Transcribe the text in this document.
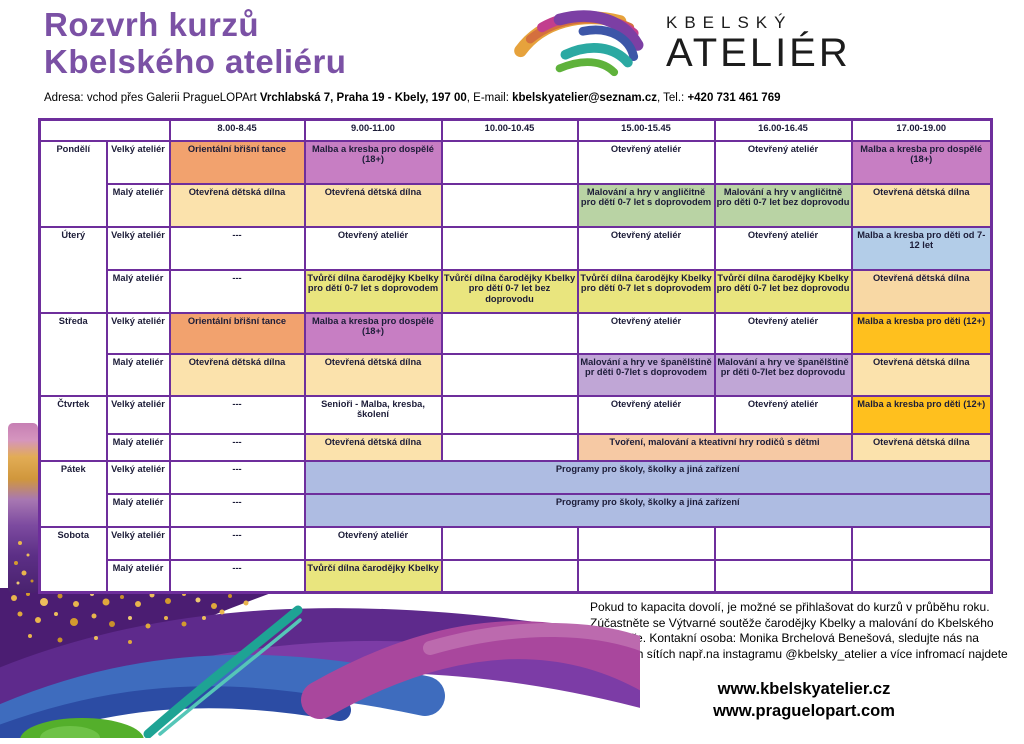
Rozvrh kurzů
Kbelského ateliéru
KBELSKÝ
ATELIÉR
Adresa: vchod přes Galerii PragueLOPArt Vrchlabská 7, Praha 19 - Kbely, 197 00, E-mail: kbelskyatelier@seznam.cz, Tel.: +420 731 461 769
		8.00-8.45	9.00-11.00	10.00-10.45	15.00-15.45	16.00-16.45	17.00-19.00
Pondělí	Velký ateliér	Orientální břišní tance	Malba a kresba pro dospělé (18+)		Otevřený ateliér	Otevřený ateliér	Malba a kresba pro dospělé (18+)
	Malý ateliér	Otevřená dětská dílna	Otevřená dětská dílna		Malování a hry v angličitně pro dětí 0-7 let s doprovodem	Malování a hry v angličitně pro děti 0-7 let bez doprovodu	Otevřená dětská dílna
Úterý	Velký ateliér	---	Otevřený ateliér		Otevřený ateliér	Otevřený ateliér	Malba a kresba pro děti od 7-12 let
	Malý ateliér	---	Tvůrčí dílna čarodějky Kbelky pro dětí 0-7 let s doprovodem	Tvůrčí dílna čarodějky Kbelky pro dětí 0-7 let bez doprovodu	Tvůrčí dílna čarodějky Kbelky pro dětí 0-7 let s doprovodem	Tvůrčí dílna čarodějky Kbelky pro dětí 0-7 let bez doprovodu	Otevřená dětská dílna
Středa	Velký ateliér	Orientální břišní tance	Malba a kresba pro dospělé (18+)		Otevřený ateliér	Otevřený ateliér	Malba a kresba pro děti (12+)
	Malý ateliér	Otevřená dětská dílna	Otevřená dětská dílna		Malování a hry ve španělštině pr děti 0-7let s doprovodem	Malování a hry ve španělštině pr děti 0-7let bez doprovodu	Otevřená dětská dílna
Čtvrtek	Velký ateliér	---	Senioři - Malba, kresba, školení		Otevřený ateliér	Otevřený ateliér	Malba a kresba pro děti (12+)
	Malý ateliér	---	Otevřená dětská dílna		Tvoření, malování a kteativní hry rodičů s dětmi		Otevřená dětská dílna
Pátek	Velký ateliér	---	Programy pro školy, školky a jiná zařízení				
	Malý ateliér	---	Programy pro školy, školky a jiná zařízení				
Sobota	Velký ateliér	---	Otevřený ateliér				
	Malý ateliér	---	Tvůrčí dílna čarodějky Kbelky				
Pokud to kapacita dovolí, je možné se přihlašovat do kurzů v průběhu roku. Zúčastněte se Výtvarné soutěže čarodějky Kbelky a malování do Kbelského kalendáře. Kontakní osoba: Monika Brchelová Benešová, sledujte nás na sociálních sítích např.na instagramu @kbelsky_atelier a více infromací najdete na:
www.kbelskyatelier.cz
www.praguelopart.com
